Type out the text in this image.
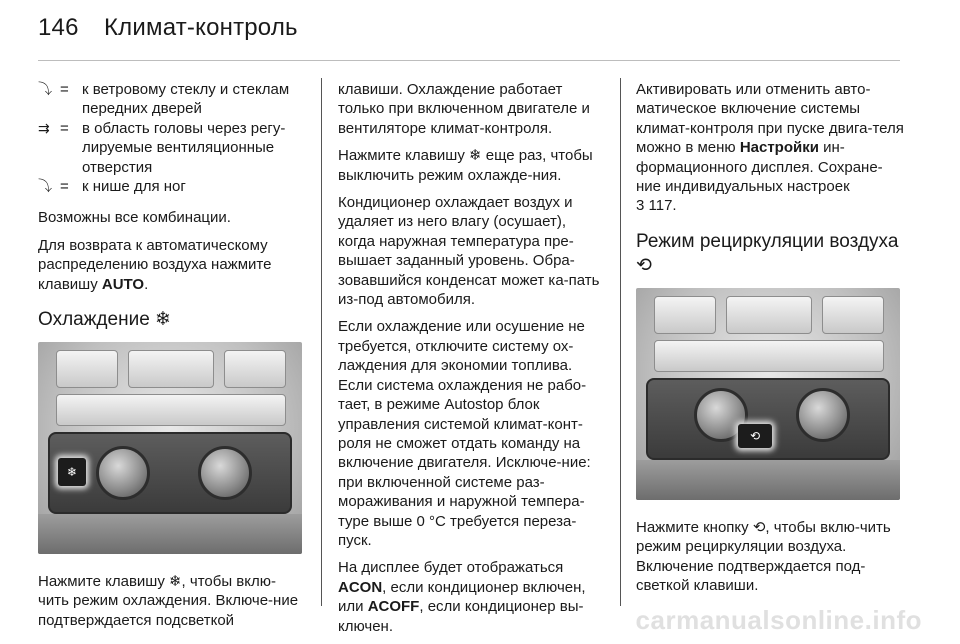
146 Климат-контроль
⤵ = к ветровому стеклу и стеклам передних дверей
⇉ = в область головы через регу-лируемые вентиляционные отверстия
⤵ = к нише для ног

Возможны все комбинации.

Для возврата к автоматическому распределению воздуха нажмите клавишу AUTO.

Охлаждение ❄
❄

Нажмите клавишу ❄, чтобы вклю-чить режим охлаждения. Включе-ние подтверждается подсветкой

клавиши. Охлаждение работает только при включенном двигателе и вентиляторе климат-контроля.

Нажмите клавишу ❄ еще раз, чтобы выключить режим охлажде-ния.

Кондиционер охлаждает воздух и удаляет из него влагу (осушает), когда наружная температура пре-вышает заданный уровень. Обра-зовавшийся конденсат может ка-пать из-под автомобиля.

Если охлаждение или осушение не требуется, отключите систему ох-лаждения для экономии топлива. Если система охлаждения не рабо-тает, в режиме Autostop блок управления системой климат-конт-роля не сможет отдать команду на включение двигателя. Исключе-ние: при включенной системе раз-мораживания и наружной темпера-туре выше 0 °C требуется переза-пуск.

На дисплее будет отображаться ACON, если кондиционер включен, или ACOFF, если кондиционер вы-ключен.

Активировать или отменить авто-матическое включение системы климат-контроля при пуске двига-теля можно в меню Настройки ин-формационного дисплея. Сохране-ние индивидуальных настроек
3 117.

Режим рециркуляции воздуха ⟲
⟲

Нажмите кнопку ⟲, чтобы вклю-чить режим рециркуляции воздуха. Включение подтверждается под-светкой клавиши.

carmanualsonline.info
